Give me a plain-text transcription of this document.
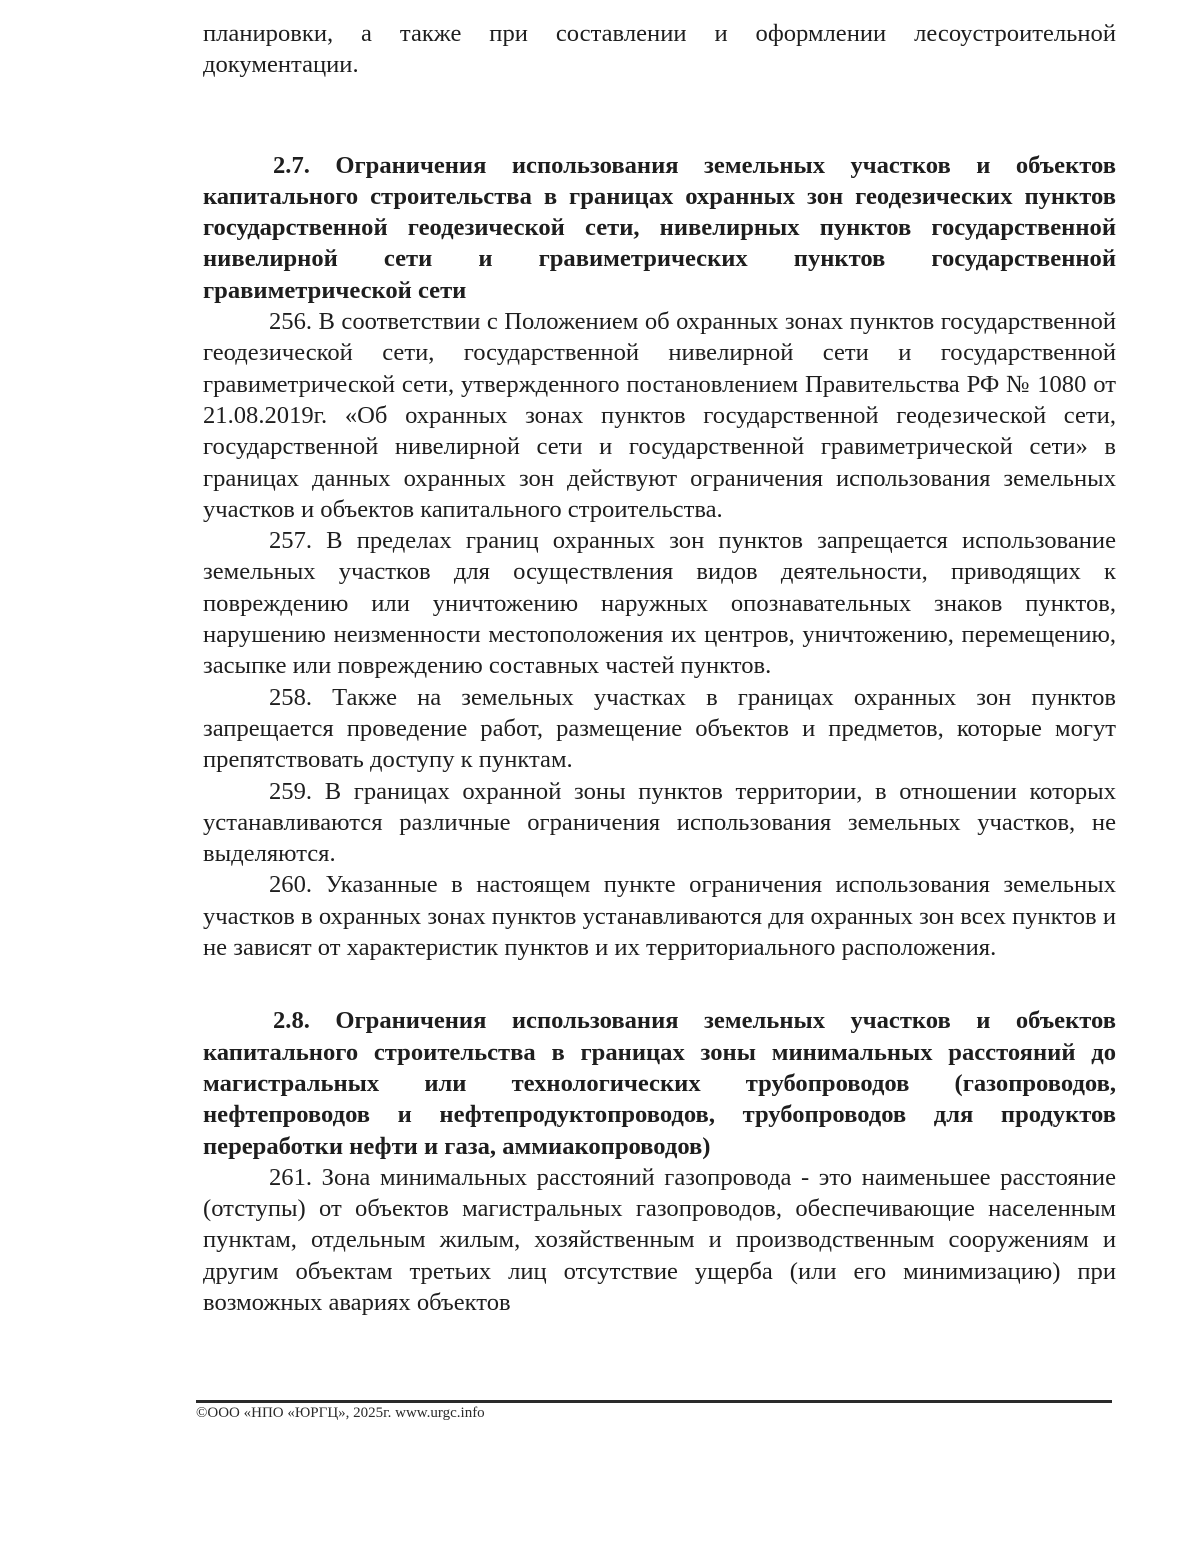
планировки, а также при составлении и оформлении лесоустроительной документации.

2.7. Ограничения использования земельных участков и объектов капитального строительства в границах охранных зон геодезических пунктов государственной геодезической сети, нивелирных пунктов государственной нивелирной сети и гравиметрических пунктов государственной гравиметрической сети

256. В соответствии с Положением об охранных зонах пунктов государственной геодезической сети, государственной нивелирной сети и государственной гравиметрической сети, утвержденного постановлением Правительства РФ № 1080 от 21.08.2019г. «Об охранных зонах пунктов государственной геодезической сети, государственной нивелирной сети и государственной гравиметрической сети» в границах данных охранных зон действуют ограничения использования земельных участков и объектов капитального строительства.

257. В пределах границ охранных зон пунктов запрещается использование земельных участков для осуществления видов деятельности, приводящих к повреждению или уничтожению наружных опознавательных знаков пунктов, нарушению неизменности местоположения их центров, уничтожению, перемещению, засыпке или повреждению составных частей пунктов.

258. Также на земельных участках в границах охранных зон пунктов запрещается проведение работ, размещение объектов и предметов, которые могут препятствовать доступу к пунктам.

259. В границах охранной зоны пунктов территории, в отношении которых устанавливаются различные ограничения использования земельных участков, не выделяются.

260. Указанные в настоящем пункте ограничения использования земельных участков в охранных зонах пунктов устанавливаются для охранных зон всех пунктов и не зависят от характеристик пунктов и их территориального расположения.

2.8. Ограничения использования земельных участков и объектов капитального строительства в границах зоны минимальных расстояний до магистральных или технологических трубопроводов (газопроводов, нефтепроводов и нефтепродуктопроводов, трубопроводов для продуктов переработки нефти и газа, аммиакопроводов)

261. Зона минимальных расстояний газопровода - это наименьшее расстояние (отступы) от объектов магистральных газопроводов, обеспечивающие населенным пунктам, отдельным жилым, хозяйственным и производственным сооружениям и другим объектам третьих лиц отсутствие ущерба (или его минимизацию) при возможных авариях объектов

©ООО «НПО «ЮРГЦ», 2025г. www.urgc.info
